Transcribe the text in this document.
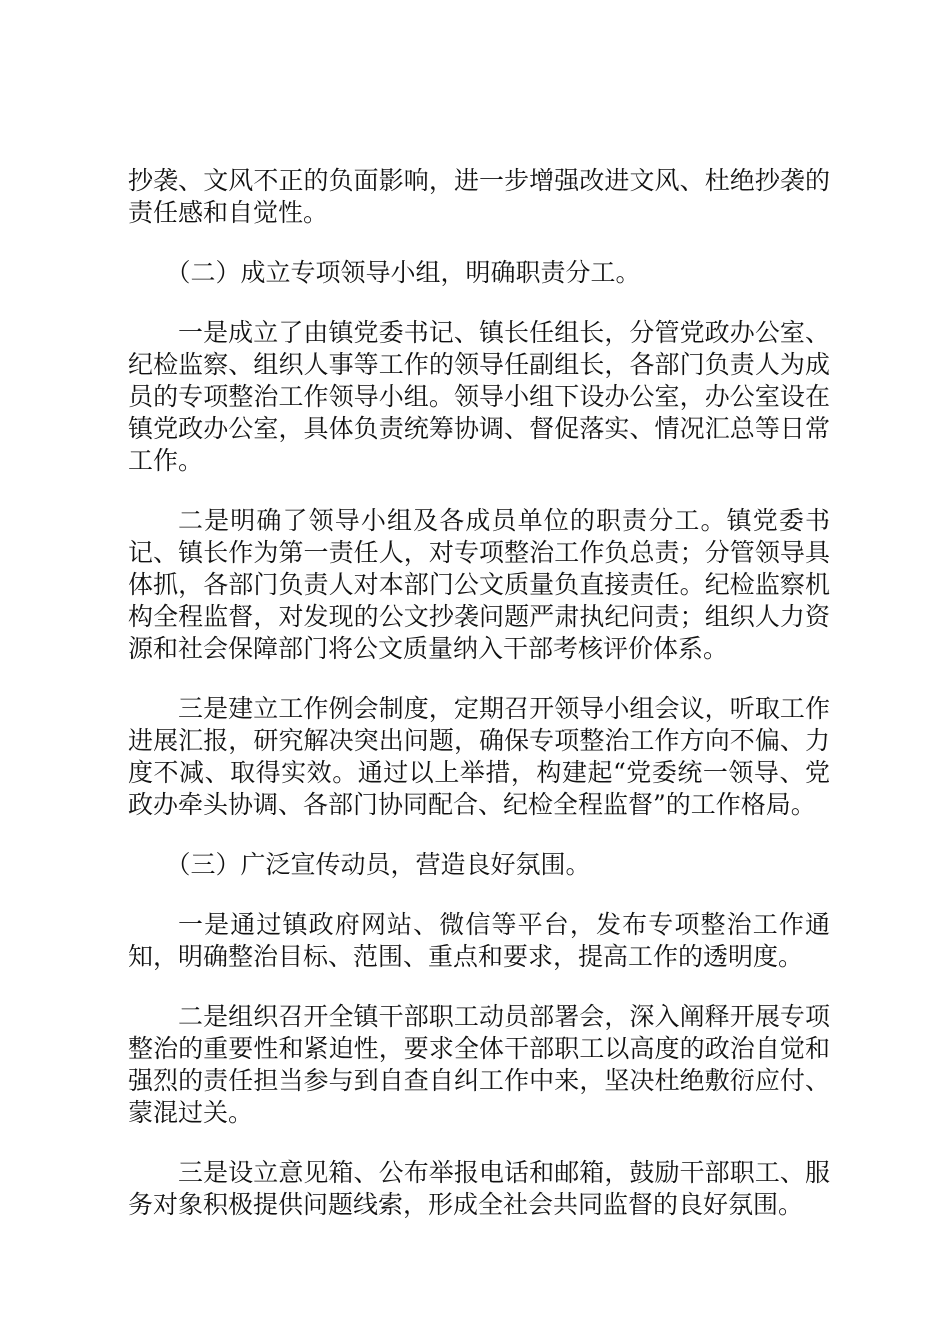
抄袭、文风不正的负面影响，进一步增强改进文风、杜绝抄袭的责任感和自觉性。

（二）成立专项领导小组，明确职责分工。

一是成立了由镇党委书记、镇长任组长，分管党政办公室、纪检监察、组织人事等工作的领导任副组长，各部门负责人为成员的专项整治工作领导小组。领导小组下设办公室，办公室设在镇党政办公室，具体负责统筹协调、督促落实、情况汇总等日常工作。

二是明确了领导小组及各成员单位的职责分工。镇党委书记、镇长作为第一责任人，对专项整治工作负总责；分管领导具体抓，各部门负责人对本部门公文质量负直接责任。纪检监察机构全程监督，对发现的公文抄袭问题严肃执纪问责；组织人力资源和社会保障部门将公文质量纳入干部考核评价体系。

三是建立工作例会制度，定期召开领导小组会议，听取工作进展汇报，研究解决突出问题，确保专项整治工作方向不偏、力度不减、取得实效。通过以上举措，构建起“党委统一领导、党政办牵头协调、各部门协同配合、纪检全程监督”的工作格局。

（三）广泛宣传动员，营造良好氛围。

一是通过镇政府网站、微信等平台，发布专项整治工作通知，明确整治目标、范围、重点和要求，提高工作的透明度。

二是组织召开全镇干部职工动员部署会，深入阐释开展专项整治的重要性和紧迫性，要求全体干部职工以高度的政治自觉和强烈的责任担当参与到自查自纠工作中来，坚决杜绝敷衍应付、蒙混过关。

三是设立意见箱、公布举报电话和邮箱，鼓励干部职工、服务对象积极提供问题线索，形成全社会共同监督的良好氛围。
